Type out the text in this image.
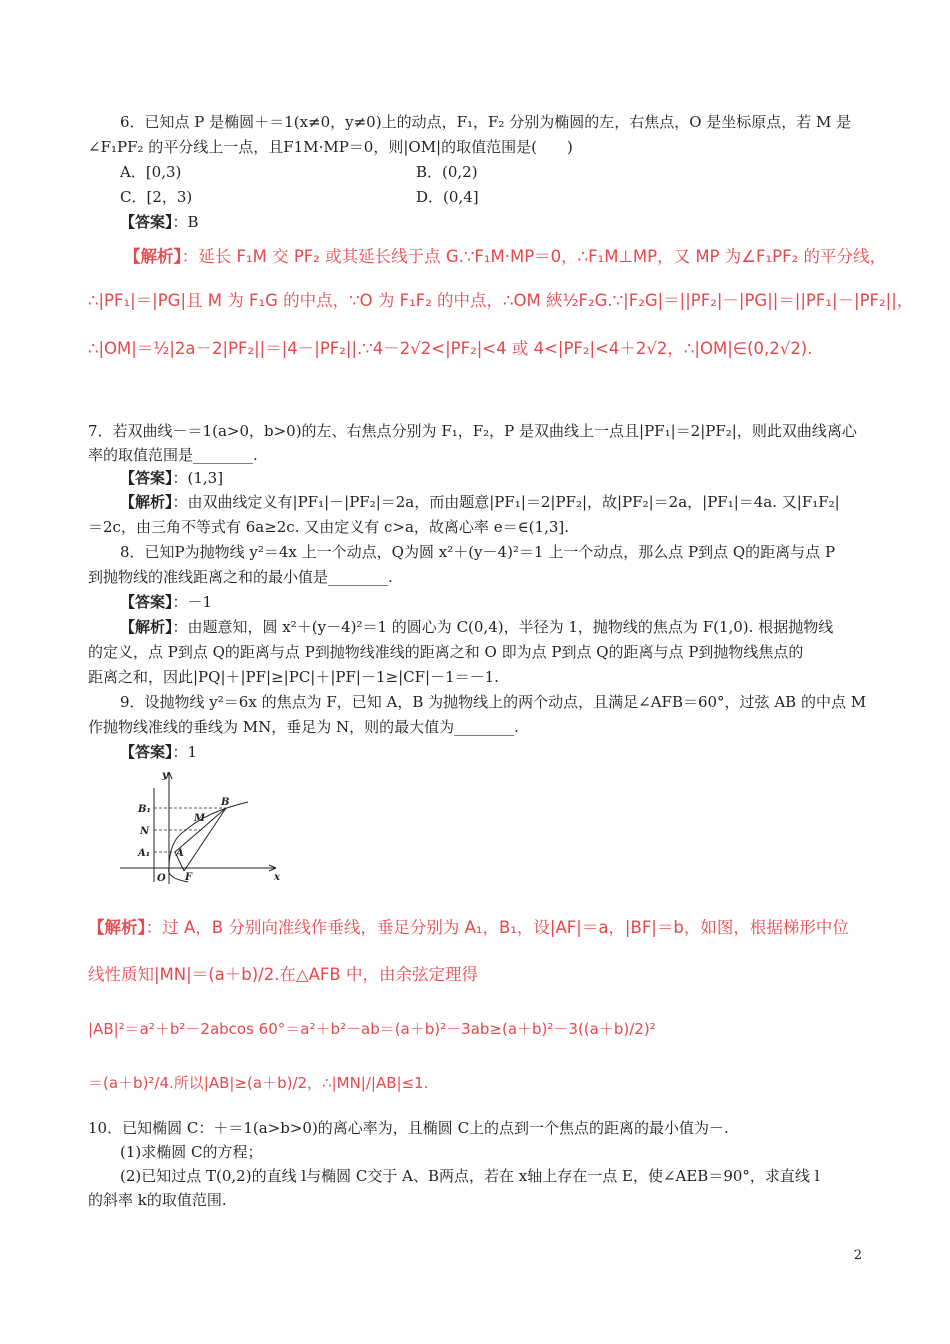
6．已知点 P 是椭圆＋＝1(x≠0，y≠0)上的动点，F₁，F₂ 分别为椭圆的左，右焦点，O 是坐标原点，若 M 是
∠F₁PF₂ 的平分线上一点，且F1M·MP＝0，则|OM|的取值范围是(　　)
A．[0,3)	B．(0,2)
C．[2，3)	D．(0,4]
【答案】：B
【解析】：延长 F₁M 交 PF₂ 或其延长线于点 G.∵F₁M·MP＝0，∴F₁M⊥MP，又 MP 为∠F₁PF₂ 的平分线，
∴|PF₁|＝|PG|且 M 为 F₁G 的中点，∵O 为 F₁F₂ 的中点，∴OM 綊½F₂G.∵|F₂G|＝||PF₂|－|PG||＝||PF₁|－|PF₂||，
∴|OM|＝½|2a－2|PF₂||＝|4－|PF₂||.∵4－2√2<|PF₂|<4 或 4<|PF₂|<4＋2√2，∴|OM|∈(0,2√2).
7．若双曲线－＝1(a>0，b>0)的左、右焦点分别为 F₁，F₂，P 是双曲线上一点且|PF₁|＝2|PF₂|，则此双曲线离心
率的取值范围是________.
【答案】：(1,3]
【解析】：由双曲线定义有|PF₁|－|PF₂|＝2a，而由题意|PF₁|＝2|PF₂|，故|PF₂|＝2a，|PF₁|＝4a. 又|F₁F₂|
＝2c，由三角不等式有 6a≥2c. 又由定义有 c>a，故离心率 e＝∈(1,3].
8．已知P为抛物线 y²＝4x 上一个动点，Q为圆 x²＋(y－4)²＝1 上一个动点，那么点 P到点 Q的距离与点 P
到抛物线的准线距离之和的最小值是________.
【答案】：－1
【解析】：由题意知，圆 x²＋(y－4)²＝1 的圆心为 C(0,4)，半径为 1，抛物线的焦点为 F(1,0). 根据抛物线
的定义，点 P到点 Q的距离与点 P到抛物线准线的距离之和 O 即为点 P到点 Q的距离与点 P到抛物线焦点的
距离之和，因此|PQ|＋|PF|≥|PC|＋|PF|－1≥|CF|－1＝－1.
9．设抛物线 y²＝6x 的焦点为 F，已知 A，B 为抛物线上的两个动点，且满足∠AFB＝60°，过弦 AB 的中点 M
作抛物线准线的垂线为 MN，垂足为 N，则的最大值为________.
【答案】：1
y
x
B₁
N
A₁
O F
A
B
M
【解析】：过 A，B 分别向准线作垂线，垂足分别为 A₁，B₁，设|AF|＝a，|BF|＝b，如图，根据梯形中位
线性质知|MN|＝(a＋b)/2.在△AFB 中，由余弦定理得
|AB|²＝a²＋b²－2abcos 60°＝a²＋b²－ab＝(a＋b)²－3ab≥(a＋b)²－3((a＋b)/2)²
＝(a＋b)²/4.所以|AB|≥(a＋b)/2，∴|MN|/|AB|≤1.
10．已知椭圆 C：＋＝1(a>b>0)的离心率为，且椭圆 C上的点到一个焦点的距离的最小值为－.
(1)求椭圆 C的方程；
(2)已知过点 T(0,2)的直线 l与椭圆 C交于 A、B两点，若在 x轴上存在一点 E，使∠AEB＝90°，求直线 l
的斜率 k的取值范围.
2
